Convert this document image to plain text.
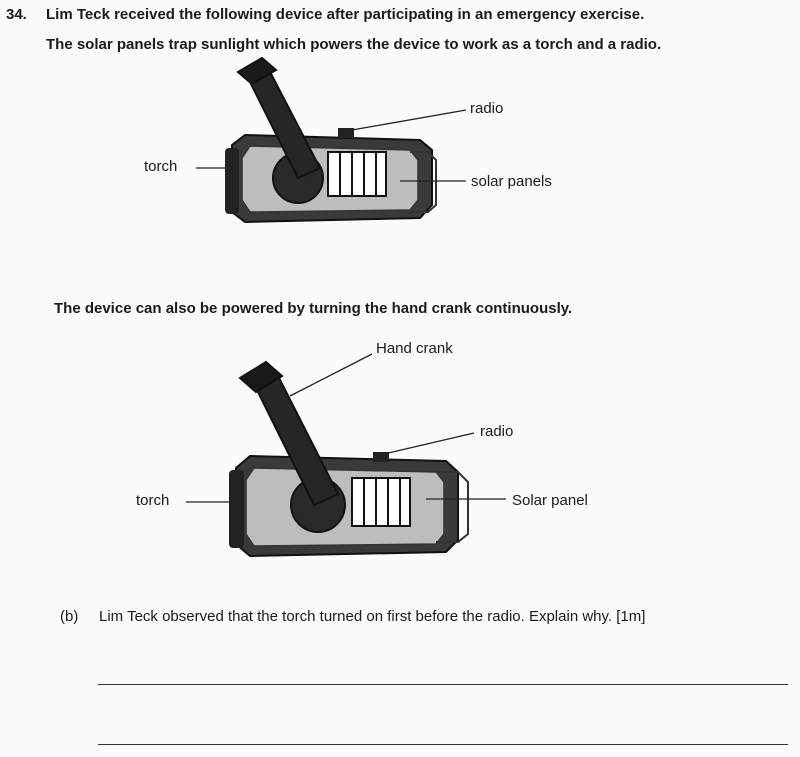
34. Lim Teck received the following device after participating in an emergency exercise.
The solar panels trap sunlight which powers the device to work as a torch and a radio.
torch
radio
solar panels
The device can also be powered by turning the hand crank continuously.
Hand crank
radio
torch	Solar panel
(b) Lim Teck observed that the torch turned on first before the radio. Explain why. [1m]
